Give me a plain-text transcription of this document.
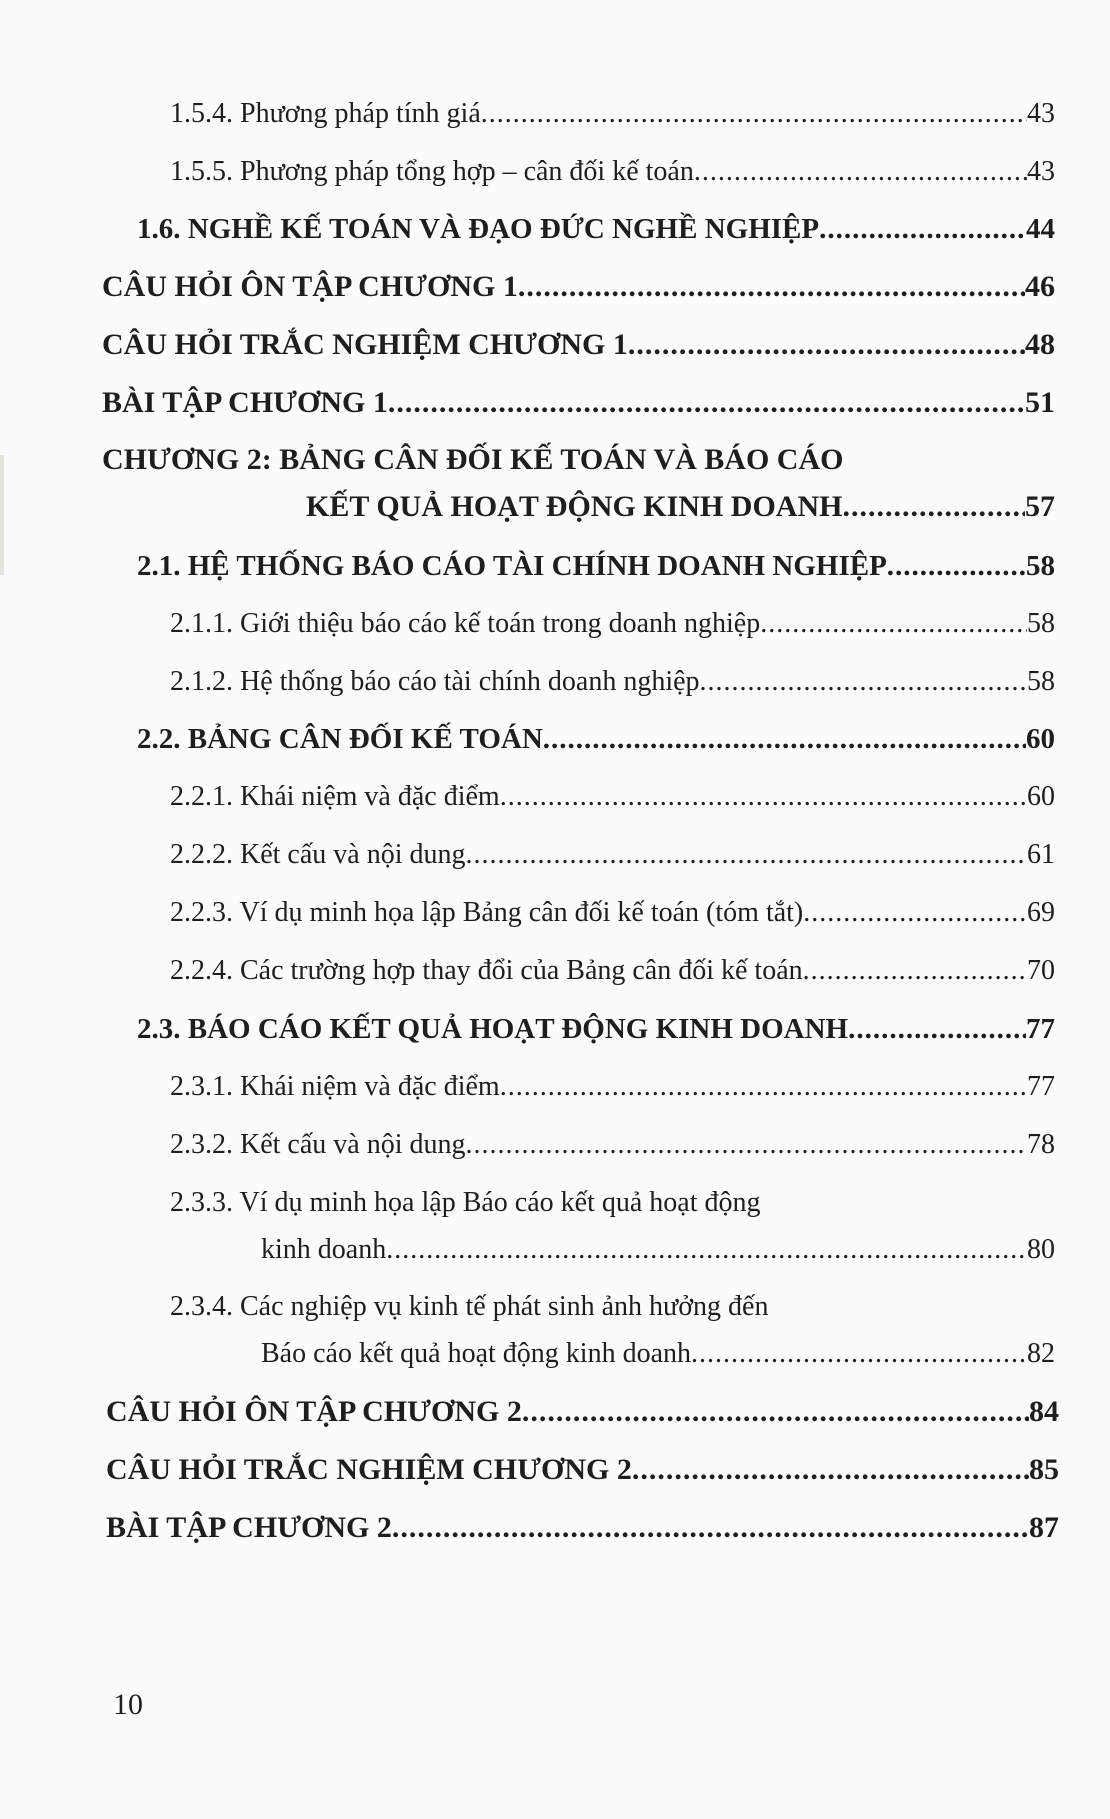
1.5.4. Phương pháp tính giá .....	43
1.5.5. Phương pháp tổng hợp – cân đối kế toán .....	43
1.6. NGHỀ KẾ TOÁN VÀ ĐẠO ĐỨC NGHỀ NGHIỆP .....	44
CÂU HỎI ÔN TẬP CHƯƠNG 1 .....	46
CÂU HỎI TRẮC NGHIỆM CHƯƠNG 1 .....	48
BÀI TẬP CHƯƠNG 1 .....	51
CHƯƠNG 2: BẢNG CÂN ĐỐI KẾ TOÁN VÀ BÁO CÁO
KẾT QUẢ HOẠT ĐỘNG KINH DOANH .....	57
2.1. HỆ THỐNG BÁO CÁO TÀI CHÍNH DOANH NGHIỆP .....	58
2.1.1. Giới thiệu báo cáo kế toán trong doanh nghiệp .....	58
2.1.2. Hệ thống báo cáo tài chính doanh nghiệp .....	58
2.2. BẢNG CÂN ĐỐI KẾ TOÁN .....	60
2.2.1. Khái niệm và đặc điểm .....	60
2.2.2. Kết cấu và nội dung .....	61
2.2.3. Ví dụ minh họa lập Bảng cân đối kế toán (tóm tắt) .....	69
2.2.4. Các trường hợp thay đổi của Bảng cân đối kế toán .....	70
2.3. BÁO CÁO KẾT QUẢ HOẠT ĐỘNG KINH DOANH .....	77
2.3.1. Khái niệm và đặc điểm .....	77
2.3.2. Kết cấu và nội dung .....	78
2.3.3. Ví dụ minh họa lập Báo cáo kết quả hoạt động
kinh doanh .....	80
2.3.4. Các nghiệp vụ kinh tế phát sinh ảnh hưởng đến
Báo cáo kết quả hoạt động kinh doanh .....	82
CÂU HỎI ÔN TẬP CHƯƠNG 2 .....	84
CÂU HỎI TRẮC NGHIỆM CHƯƠNG 2 .....	85
BÀI TẬP CHƯƠNG 2 .....	87
10
